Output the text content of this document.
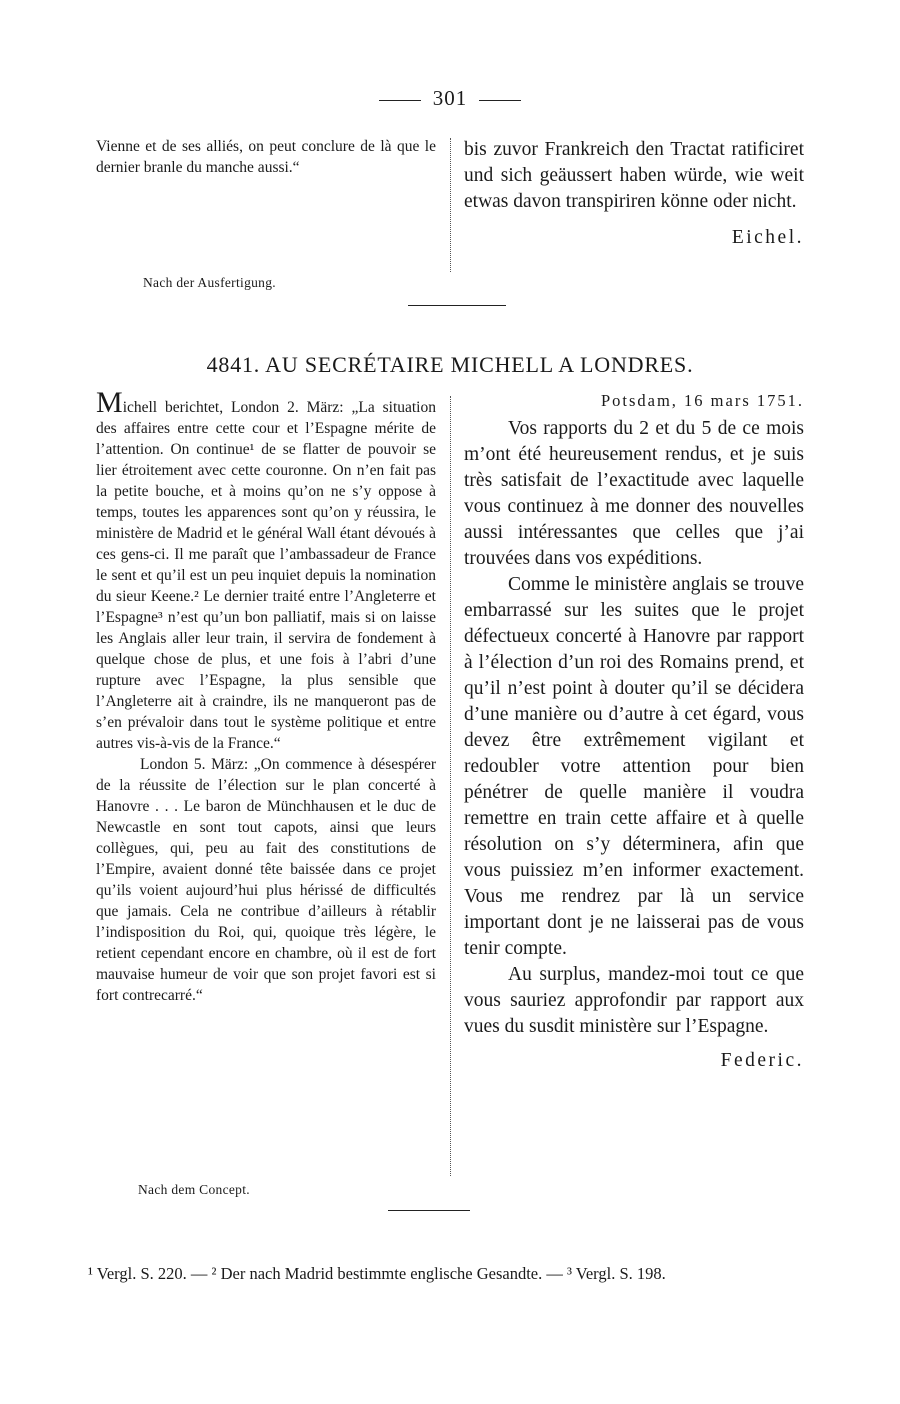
301

Vienne et de ses alliés, on peut conclure de là que le dernier branle du manche aussi.“

bis zuvor Frankreich den Tractat ratificiret und sich geäussert haben würde, wie weit etwas davon transpiriren könne oder nicht.

Eichel.

Nach der Ausfertigung.
4841. AU SECRÉTAIRE MICHELL A LONDRES.

Michell berichtet, London 2. März: „La situation des affaires entre cette cour et l’Espagne mérite de l’attention. On continue¹ de se flatter de pouvoir se lier étroitement avec cette couronne. On n’en fait pas la petite bouche, et à moins qu’on ne s’y oppose à temps, toutes les apparences sont qu’on y réussira, le ministère de Madrid et le général Wall étant dévoués à ces gens-ci. Il me paraît que l’ambassadeur de France le sent et qu’il est un peu inquiet depuis la nomination du sieur Keene.² Le dernier traité entre l’Angleterre et l’Espagne³ n’est qu’un bon palliatif, mais si on laisse les Anglais aller leur train, il servira de fondement à quelque chose de plus, et une fois à l’abri d’une rupture avec l’Espagne, la plus sensible que l’Angleterre ait à craindre, ils ne manqueront pas de s’en prévaloir dans tout le système politique et entre autres vis-à-vis de la France.“

London 5. März: „On commence à désespérer de la réussite de l’élection sur le plan concerté à Hanovre . . . Le baron de Münchhausen et le duc de Newcastle en sont tout capots, ainsi que leurs collègues, qui, peu au fait des constitutions de l’Empire, avaient donné tête baissée dans ce projet qu’ils voient aujourd’hui plus hérissé de difficultés que jamais. Cela ne contribue d’ailleurs à rétablir l’indisposition du Roi, qui, quoique très légère, le retient cependant encore en chambre, où il est de fort mauvaise humeur de voir que son projet favori est si fort contrecarré.“

Nach dem Concept.

Potsdam, 16 mars 1751.

Vos rapports du 2 et du 5 de ce mois m’ont été heureusement rendus, et je suis très satisfait de l’exactitude avec laquelle vous continuez à me donner des nouvelles aussi intéressantes que celles que j’ai trouvées dans vos expéditions.

Comme le ministère anglais se trouve embarrassé sur les suites que le projet défectueux concerté à Hanovre par rapport à l’élection d’un roi des Romains prend, et qu’il n’est point à douter qu’il se décidera d’une manière ou d’autre à cet égard, vous devez être extrêmement vigilant et redoubler votre attention pour bien pénétrer de quelle manière il voudra remettre en train cette affaire et à quelle résolution on s’y déterminera, afin que vous puissiez m’en informer exactement. Vous me rendrez par là un service important dont je ne laisserai pas de vous tenir compte.

Au surplus, mandez-moi tout ce que vous sauriez approfondir par rapport aux vues du susdit ministère sur l’Espagne.

Federic.

¹ Vergl. S. 220. — ² Der nach Madrid bestimmte englische Gesandte. — ³ Vergl. S. 198.
